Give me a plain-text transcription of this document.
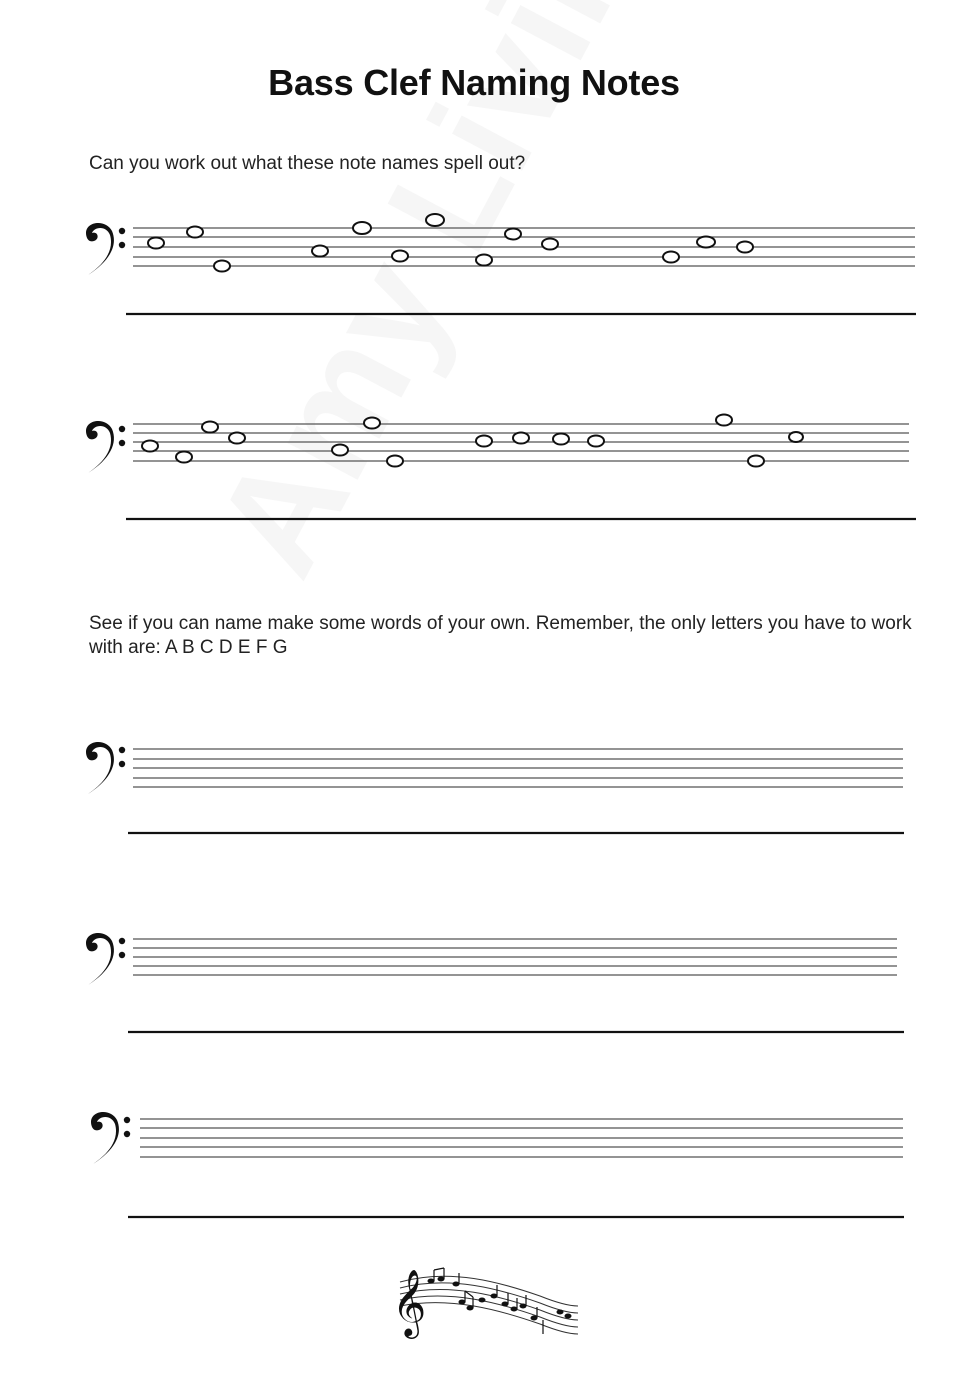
Bass Clef Naming Notes
Can you work out what these note names spell out?
See if you can name make some words of your own. Remember, the only letters you have to work with are: A B C D E F G
𝄞
